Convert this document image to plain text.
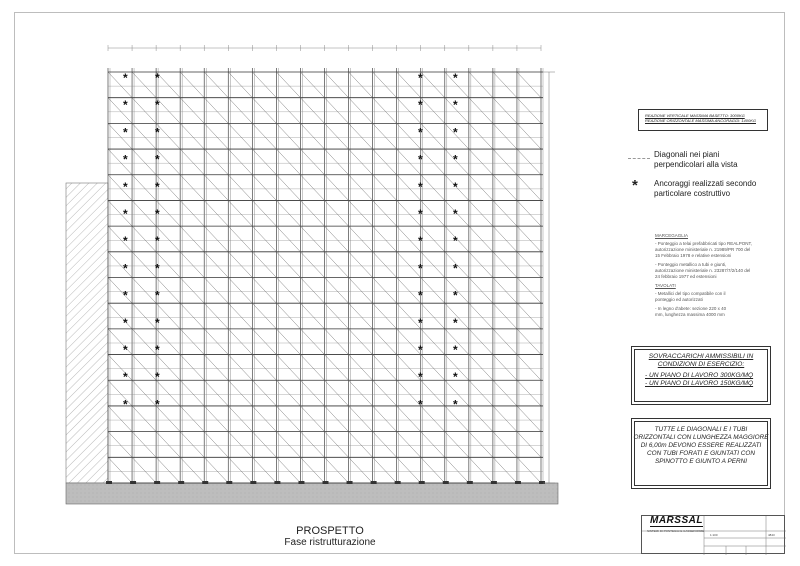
*
*
*
*
*
*
*
*
*
*
*
*
*
*
*
*
*
*
*
*
*
*
*
*
*
*
*
*
*
*
*
*
*
*
*
*
*
*
*
*
*
*
*
*
*
*
*
*
*
*
*
*
PROSPETTO
Fase ristrutturazione
REAZIONE VERTICALE MASSIMA BASETTO: 3000KG
REAZIONE ORIZZONTALE MASSIMA ANCORAGGI: 1400KG
Diagonali nei piani
perpendicolari alla vista
* Ancoraggi realizzati secondo
particolare costruttivo
MARCEGAGLIA
- Ponteggio a telai prefabbricati tipo REALPONT,
autorizzazione ministeriale n. 21989/PR 700 del
15 Febbraio 1978 e relative estensioni
- Ponteggio metallico a tubi e giunti,
autorizzazione ministeriale n. 23287/7/2/140 del
24 febbraio 1977 ed estensioni
TAVOLATI
- Metallici del tipo compatibile con il
ponteggio ed autorizzati
- In legno d'abete: sezione 220 x 40
mm, lunghezza massima 4000 mm
SOVRACCARICHI AMMISSIBILI IN
CONDIZIONI DI ESERCIZIO:
- UN PIANO DI LAVORO 300KG/MQ
- UN PIANO DI LAVORO 150KG/MQ
TUTTE LE DIAGONALI E I TUBI
ORIZZONTALI CON LUNGHEZZA MAGGIORE
DI 6,00m DEVONO ESSERE REALIZZATI
CON TUBI FORATI E GIUNTATI CON
SPINOTTO E GIUNTO A PERNI
MARSSAL
SISTEMI DI PONTEGGI E CASSEFORME
4843
1:100
